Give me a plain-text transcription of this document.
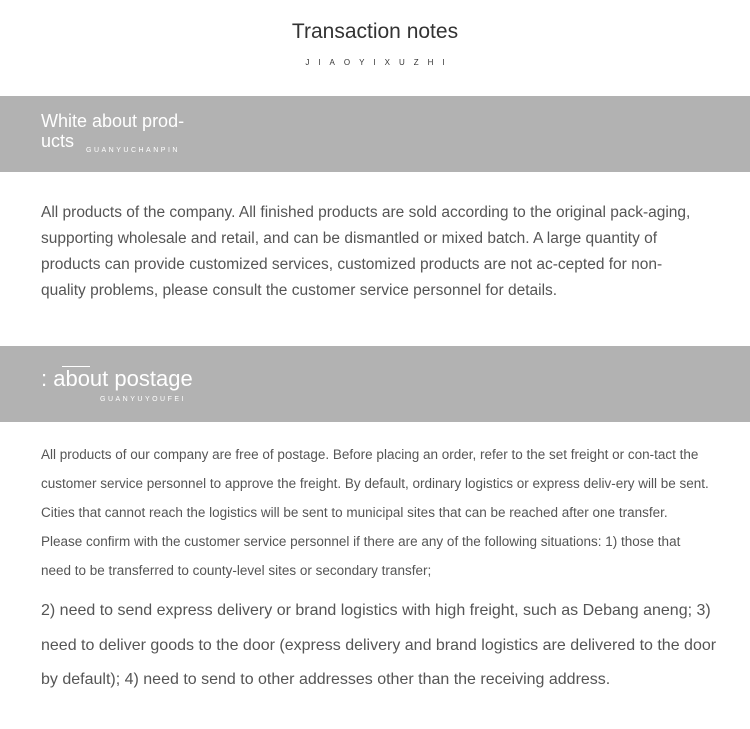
Transaction notes
JIAOYIXUZHI
White about prod-ucts	GUANYUCHANPIN
All products of the company. All finished products are sold according to the original pack-aging, supporting wholesale and retail, and can be dismantled or mixed batch. A large quantity of products can provide customized services, customized products are not ac-cepted for non-quality problems, please consult the customer service personnel for details.
: about postage
GUANYUYOUFEI
All products of our company are free of postage. Before placing an order, refer to the set freight or con-tact the customer service personnel to approve the freight. By default, ordinary logistics or express deliv-ery will be sent. Cities that cannot reach the logistics will be sent to municipal sites that can be reached after one transfer. Please confirm with the customer service personnel if there are any of the following situations: 1) those that need to be transferred to county-level sites or secondary transfer;
2) need to send express delivery or brand logistics with high freight, such as Debang aneng; 3) need to deliver goods to the door (express delivery and brand logistics are delivered to the door by default); 4) need to send to other addresses other than the receiving address.
